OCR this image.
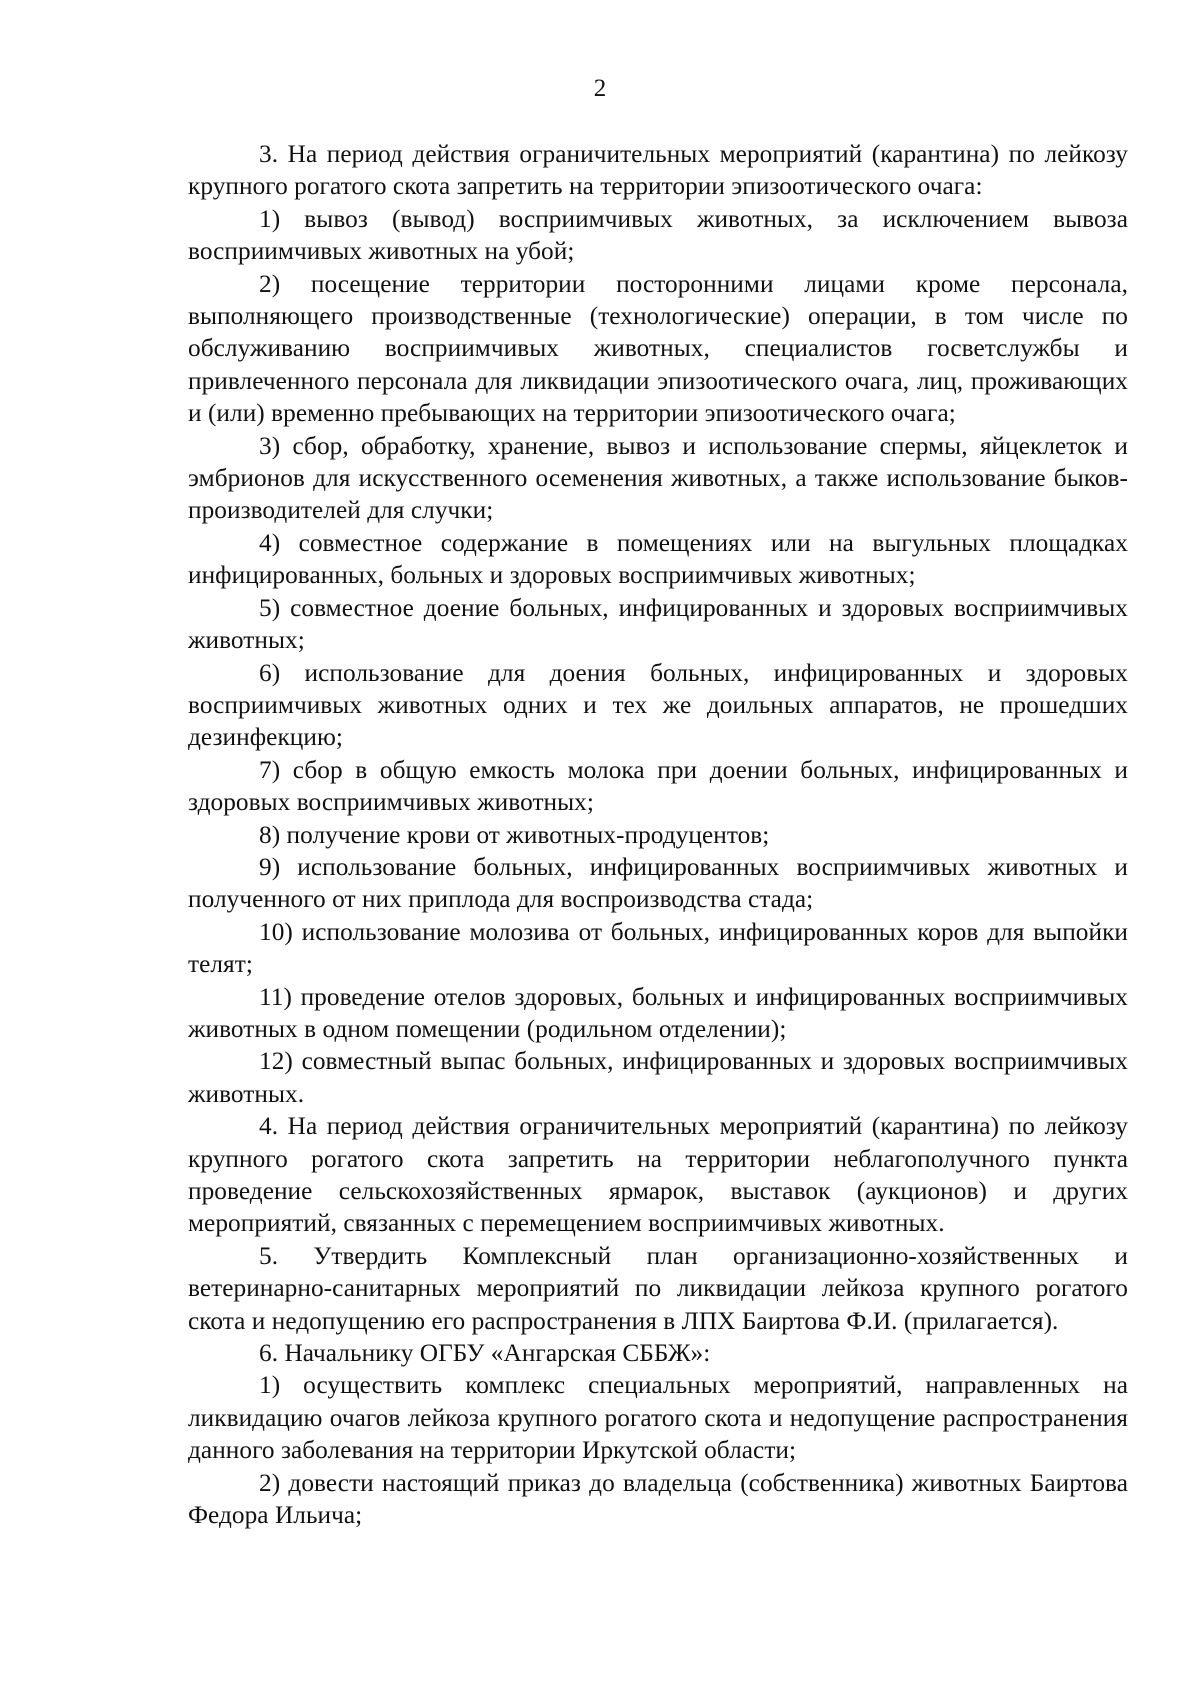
2

3. На период действия ограничительных мероприятий (карантина) по лейкозу крупного рогатого скота запретить на территории эпизоотического очага:

1) вывоз (вывод) восприимчивых животных, за исключением вывоза восприимчивых животных на убой;

2) посещение территории посторонними лицами кроме персонала, выполняющего производственные (технологические) операции, в том числе по обслуживанию восприимчивых животных, специалистов госветслужбы и привлеченного персонала для ликвидации эпизоотического очага, лиц, проживающих и (или) временно пребывающих на территории эпизоотического очага;

3) сбор, обработку, хранение, вывоз и использование спермы, яйцеклеток и эмбрионов для искусственного осеменения животных, а также использование быков-производителей для случки;

4) совместное содержание в помещениях или на выгульных площадках инфицированных, больных и здоровых восприимчивых животных;

5) совместное доение больных, инфицированных и здоровых восприимчивых животных;

6) использование для доения больных, инфицированных и здоровых восприимчивых животных одних и тех же доильных аппаратов, не прошедших дезинфекцию;

7) сбор в общую емкость молока при доении больных, инфицированных и здоровых восприимчивых животных;

8) получение крови от животных-продуцентов;

9) использование больных, инфицированных восприимчивых животных и полученного от них приплода для воспроизводства стада;

10) использование молозива от больных, инфицированных коров для выпойки телят;

11) проведение отелов здоровых, больных и инфицированных восприимчивых животных в одном помещении (родильном отделении);

12) совместный выпас больных, инфицированных и здоровых восприимчивых животных.

4. На период действия ограничительных мероприятий (карантина) по лейкозу крупного рогатого скота запретить на территории неблагополучного пункта проведение сельскохозяйственных ярмарок, выставок (аукционов) и других мероприятий, связанных с перемещением восприимчивых животных.

5. Утвердить Комплексный план организационно-хозяйственных и ветеринарно-санитарных мероприятий по ликвидации лейкоза крупного рогатого скота и недопущению его распространения в ЛПХ Баиртова Ф.И. (прилагается).

6. Начальнику ОГБУ «Ангарская СББЖ»:

1) осуществить комплекс специальных мероприятий, направленных на ликвидацию очагов лейкоза крупного рогатого скота и недопущение распространения данного заболевания на территории Иркутской области;

2) довести настоящий приказ до владельца (собственника) животных Баиртова Федора Ильича;
